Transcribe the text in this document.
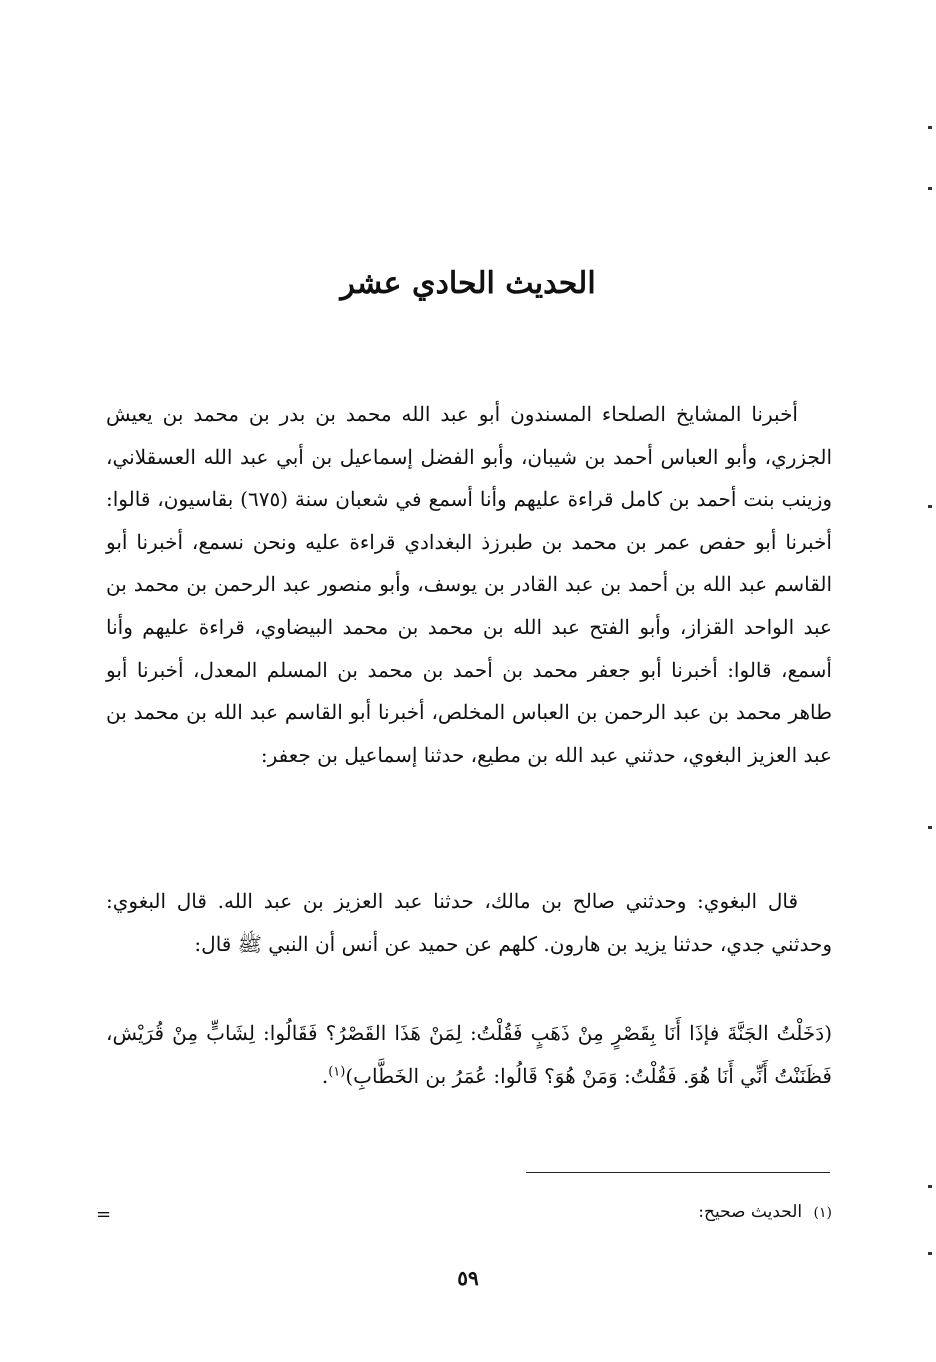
الحديث الحادي عشر

أخبرنا المشايخ الصلحاء المسندون أبو عبد الله محمد بن بدر بن محمد بن يعيش الجزري، وأبو العباس أحمد بن شيبان، وأبو الفضل إسماعيل بن أبي عبد الله العسقلاني، وزينب بنت أحمد بن كامل قراءة عليهم وأنا أسمع في شعبان سنة (٦٧٥) بقاسيون، قالوا: أخبرنا أبو حفص عمر بن محمد بن طبرزذ البغدادي قراءة عليه ونحن نسمع، أخبرنا أبو القاسم عبد الله بن أحمد بن عبد القادر بن يوسف، وأبو منصور عبد الرحمن بن محمد بن عبد الواحد القزاز، وأبو الفتح عبد الله بن محمد بن محمد البيضاوي، قراءة عليهم وأنا أسمع، قالوا: أخبرنا أبو جعفر محمد بن أحمد بن محمد بن المسلم المعدل، أخبرنا أبو طاهر محمد بن عبد الرحمن بن العباس المخلص، أخبرنا أبو القاسم عبد الله بن محمد بن عبد العزيز البغوي، حدثني عبد الله بن مطيع، حدثنا إسماعيل بن جعفر:

قال البغوي: وحدثني صالح بن مالك، حدثنا عبد العزيز بن عبد الله. قال البغوي: وحدثني جدي، حدثنا يزيد بن هارون. كلهم عن حميد عن أنس أن النبي ﷺ قال:

(دَخَلْتُ الجَنَّةَ فإذَا أَنَا بِقَصْرٍ مِنْ ذَهَبٍ فَقُلْتُ: لِمَنْ هَذَا القَصْرُ؟ فَقَالُوا: لِشَابٍّ مِنْ قُرَيْش، فَظَنَنْتُ أَنِّي أَنَا هُوَ. فَقُلْتُ: وَمَنْ هُوَ؟ قَالُوا: عُمَرُ بن الخَطَّابِ)$^{(١)}$.

(١) الحديث صحيح:
=
٥٩
